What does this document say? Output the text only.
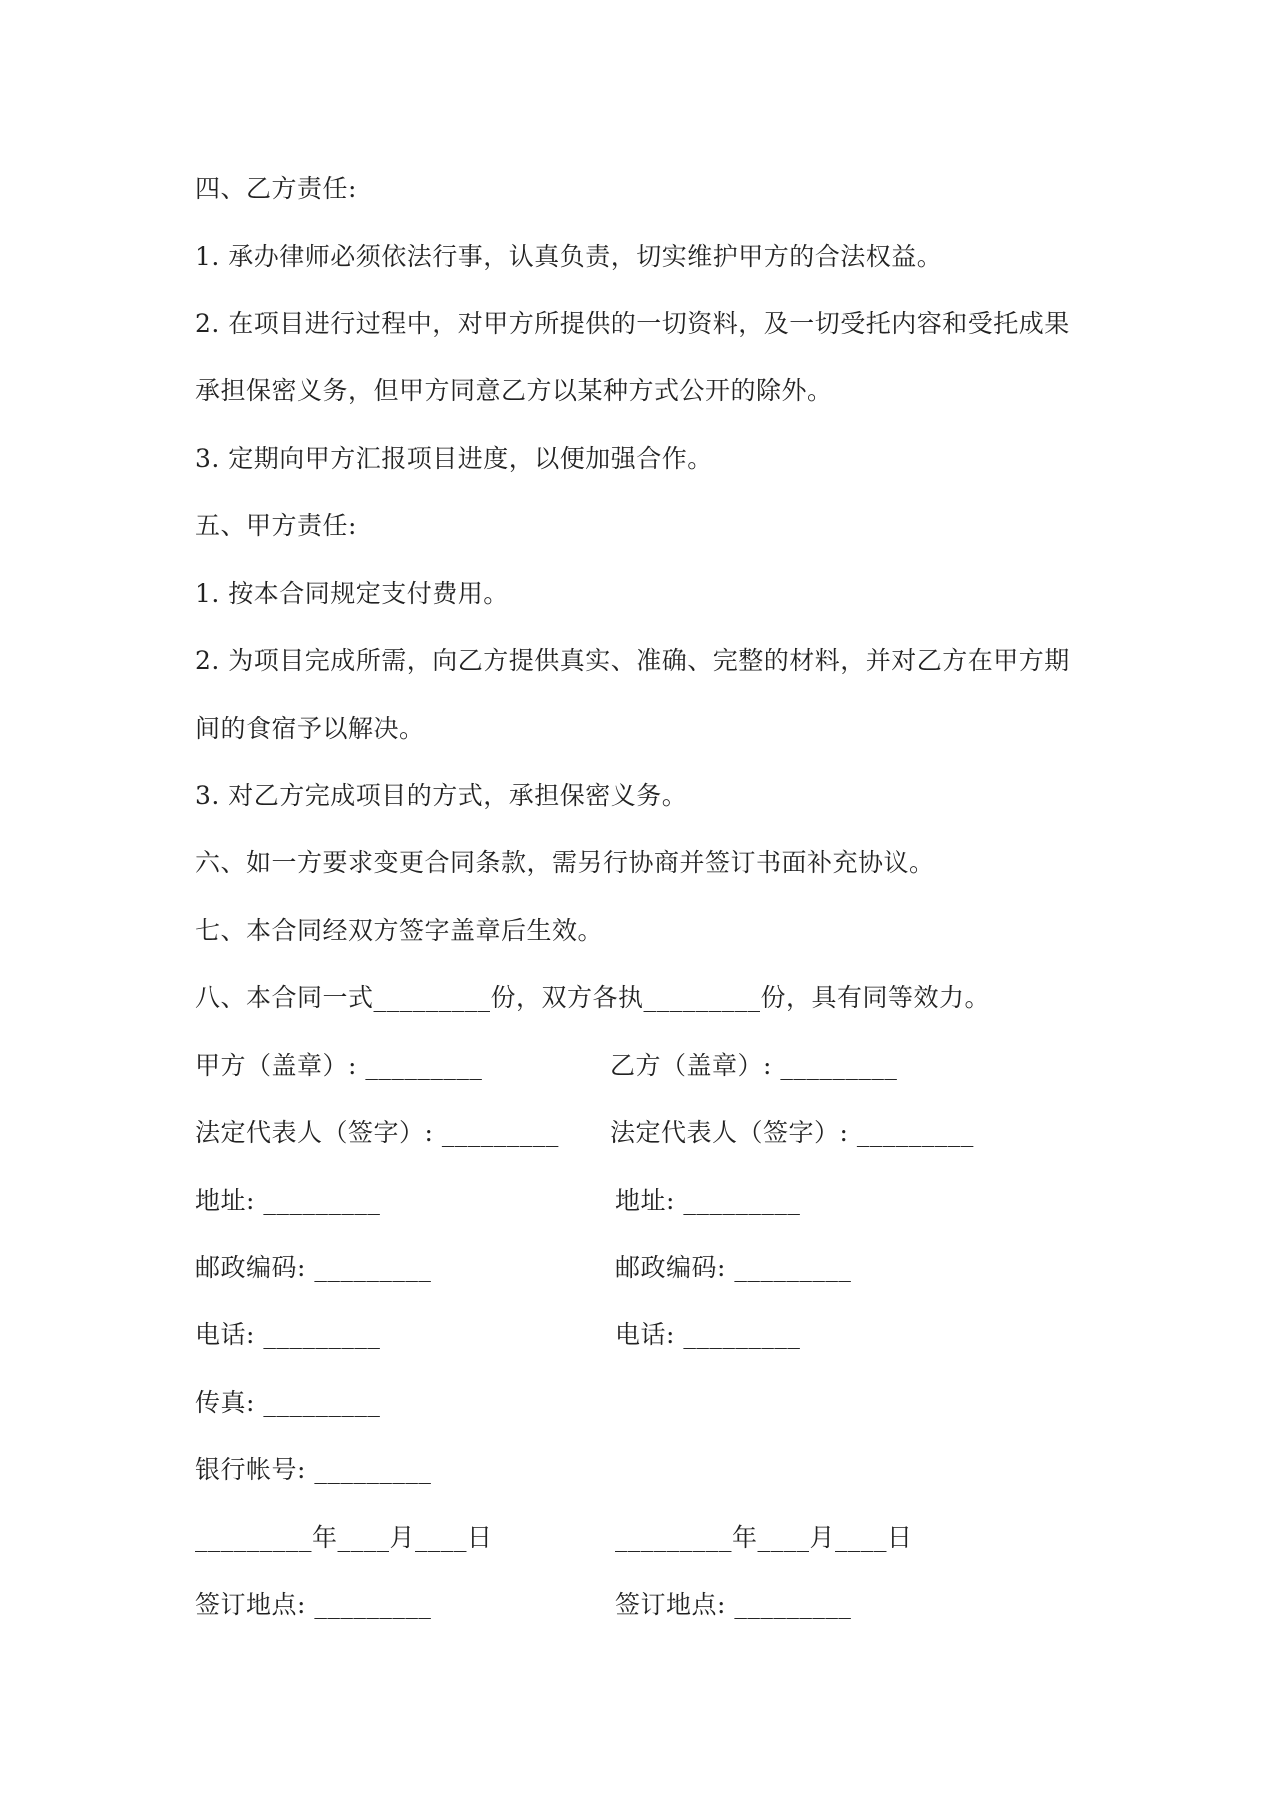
四、乙方责任:
1. 承办律师必须依法行事，认真负责，切实维护甲方的合法权益。
2. 在项目进行过程中，对甲方所提供的一切资料，及一切受托内容和受托成果
承担保密义务，但甲方同意乙方以某种方式公开的除外。
3. 定期向甲方汇报项目进度，以便加强合作。
五、甲方责任:
1. 按本合同规定支付费用。
2. 为项目完成所需，向乙方提供真实、准确、完整的材料，并对乙方在甲方期
间的食宿予以解决。
3. 对乙方完成项目的方式，承担保密义务。
六、如一方要求变更合同条款，需另行协商并签订书面补充协议。
七、本合同经双方签字盖章后生效。
八、本合同一式_________份，双方各执_________份，具有同等效力。
甲方（盖章）: _________
法定代表人（签字）: _________
地址: _________
邮政编码: _________
电话: _________
传真: _________
银行帐号: _________
_________年____月____日
签订地点: _________
乙方（盖章）: _________
法定代表人（签字）: _________
地址: _________
邮政编码: _________
电话: _________
_________年____月____日
签订地点: _________
